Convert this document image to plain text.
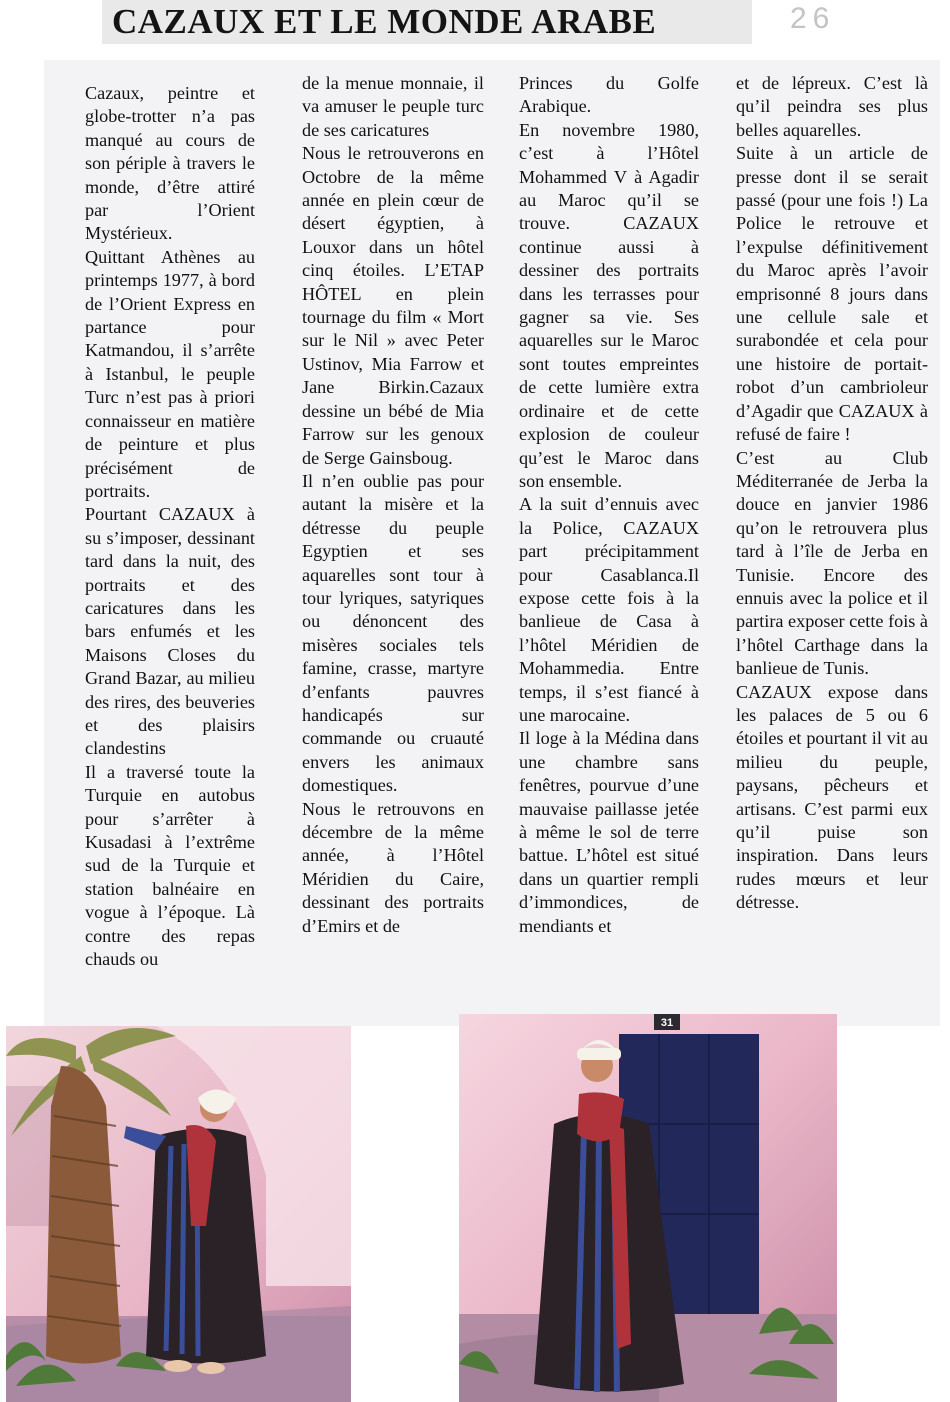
CAZAUX ET LE MONDE ARABE	26

Cazaux, peintre et globe-trotter n’a pas manqué au cours de son périple à travers le monde, d’être attiré par l’Orient Mystérieux.

Quittant Athènes au printemps 1977, à bord de l’Orient Express en partance pour Katmandou, il s’arrête à Istanbul, le peuple Turc n’est pas à priori connaisseur en matière de peinture et plus précisément de portraits.

Pourtant CAZAUX à su s’imposer, dessinant tard dans la nuit, des portraits et des caricatures dans les bars enfumés et les Maisons Closes du Grand Bazar, au milieu des rires, des beuveries et des plaisirs clandestins

Il a traversé toute la Turquie en autobus pour s’arrêter à Kusadasi à l’extrême sud de la Turquie et station balnéaire en vogue à l’époque. Là contre des repas chauds ou

de la menue monnaie, il va amuser le peuple turc de ses caricatures

Nous le retrouverons en Octobre de la même année en plein cœur de désert égyptien, à Louxor dans un hôtel cinq étoiles. L’ETAP HÔTEL en plein tournage du film « Mort sur le Nil » avec Peter Ustinov, Mia Farrow et Jane Birkin.Cazaux dessine un bébé de Mia Farrow sur les genoux de Serge Gainsboug.

Il n’en oublie pas pour autant la misère et la détresse du peuple Egyptien et ses aquarelles sont tour à tour lyriques, satyriques ou dénoncent des misères sociales tels famine, crasse, martyre d’enfants pauvres handicapés sur commande ou cruauté envers les animaux domestiques.

Nous le retrouvons en décembre de la même année, à l’Hôtel Méridien du Caire, dessinant des portraits d’Emirs et de

Princes du Golfe Arabique.

En novembre 1980, c’est à l’Hôtel Mohammed V à Agadir au Maroc qu’il se trouve. CAZAUX continue aussi à dessiner des portraits dans les terrasses pour gagner sa vie. Ses aquarelles sur le Maroc sont toutes empreintes de cette lumière extra ordinaire et de cette explosion de couleur qu’est le Maroc dans son ensemble.

A la suit d’ennuis avec la Police, CAZAUX part précipitamment pour Casablanca.Il expose cette fois à la banlieue de Casa à l’hôtel Méridien de Mohammedia. Entre temps, il s’est fiancé à une marocaine.

Il loge à la Médina dans une chambre sans fenêtres, pourvue d’une mauvaise paillasse jetée à même le sol de terre battue. L’hôtel est situé dans un quartier rempli d’immondices, de mendiants et

et de lépreux. C’est là qu’il peindra ses plus belles aquarelles.

Suite à un article de presse dont il se serait passé (pour une fois !) La Police le retrouve et l’expulse définitivement du Maroc après l’avoir emprisonné 8 jours dans une cellule sale et surabondée et cela pour une histoire de portait-robot d’un cambrioleur d’Agadir que CAZAUX à refusé de faire !

C’est au Club Méditerranée de Jerba la douce en janvier 1986 qu’on le retrouvera plus tard à l’île de Jerba en Tunisie. Encore des ennuis avec la police et il partira exposer cette fois à l’hôtel Carthage dans la banlieue de Tunis.

CAZAUX expose dans les palaces de 5 ou 6 étoiles et pourtant il vit au milieu du peuple, paysans, pêcheurs et artisans. C’est parmi eux qu’il puise son inspiration. Dans leurs rudes mœurs et leur détresse.

31
